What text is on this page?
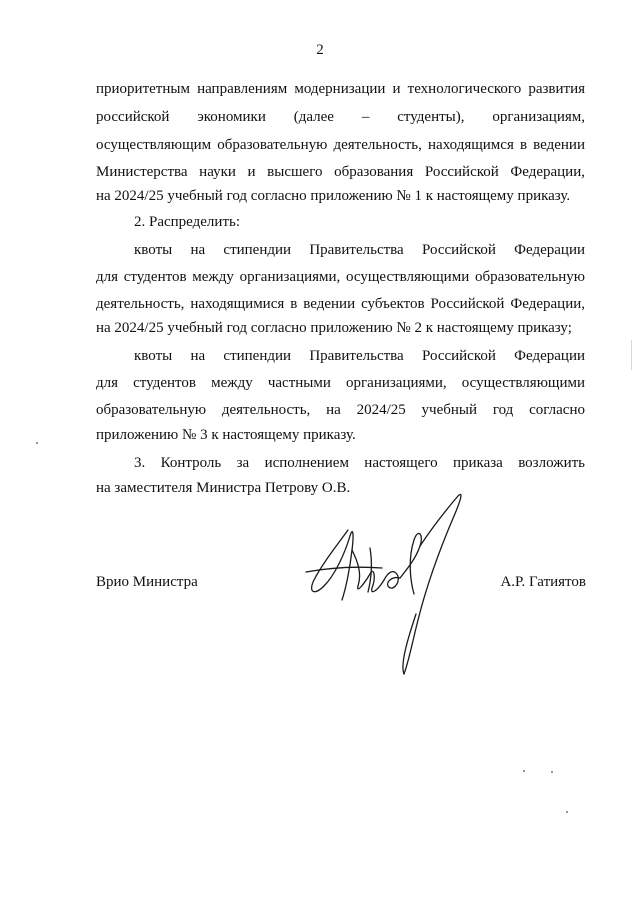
2
приоритетным направлениям модернизации и технологического развития
российской экономики (далее – студенты), организациям,
осуществляющим образовательную деятельность, находящимся в ведении
Министерства науки и высшего образования Российской Федерации,
на 2024/25 учебный год согласно приложению № 1 к настоящему приказу.
2. Распределить:
квоты на стипендии Правительства Российской Федерации
для студентов между организациями, осуществляющими образовательную
деятельность, находящимися в ведении субъектов Российской Федерации,
на 2024/25 учебный год согласно приложению № 2 к настоящему приказу;
квоты на стипендии Правительства Российской Федерации
для студентов между частными организациями, осуществляющими
образовательную деятельность, на 2024/25 учебный год согласно
приложению № 3 к настоящему приказу.
3. Контроль за исполнением настоящего приказа возложить
на заместителя Министра Петрову О.В.
Врио Министра	А.Р. Гатиятов
